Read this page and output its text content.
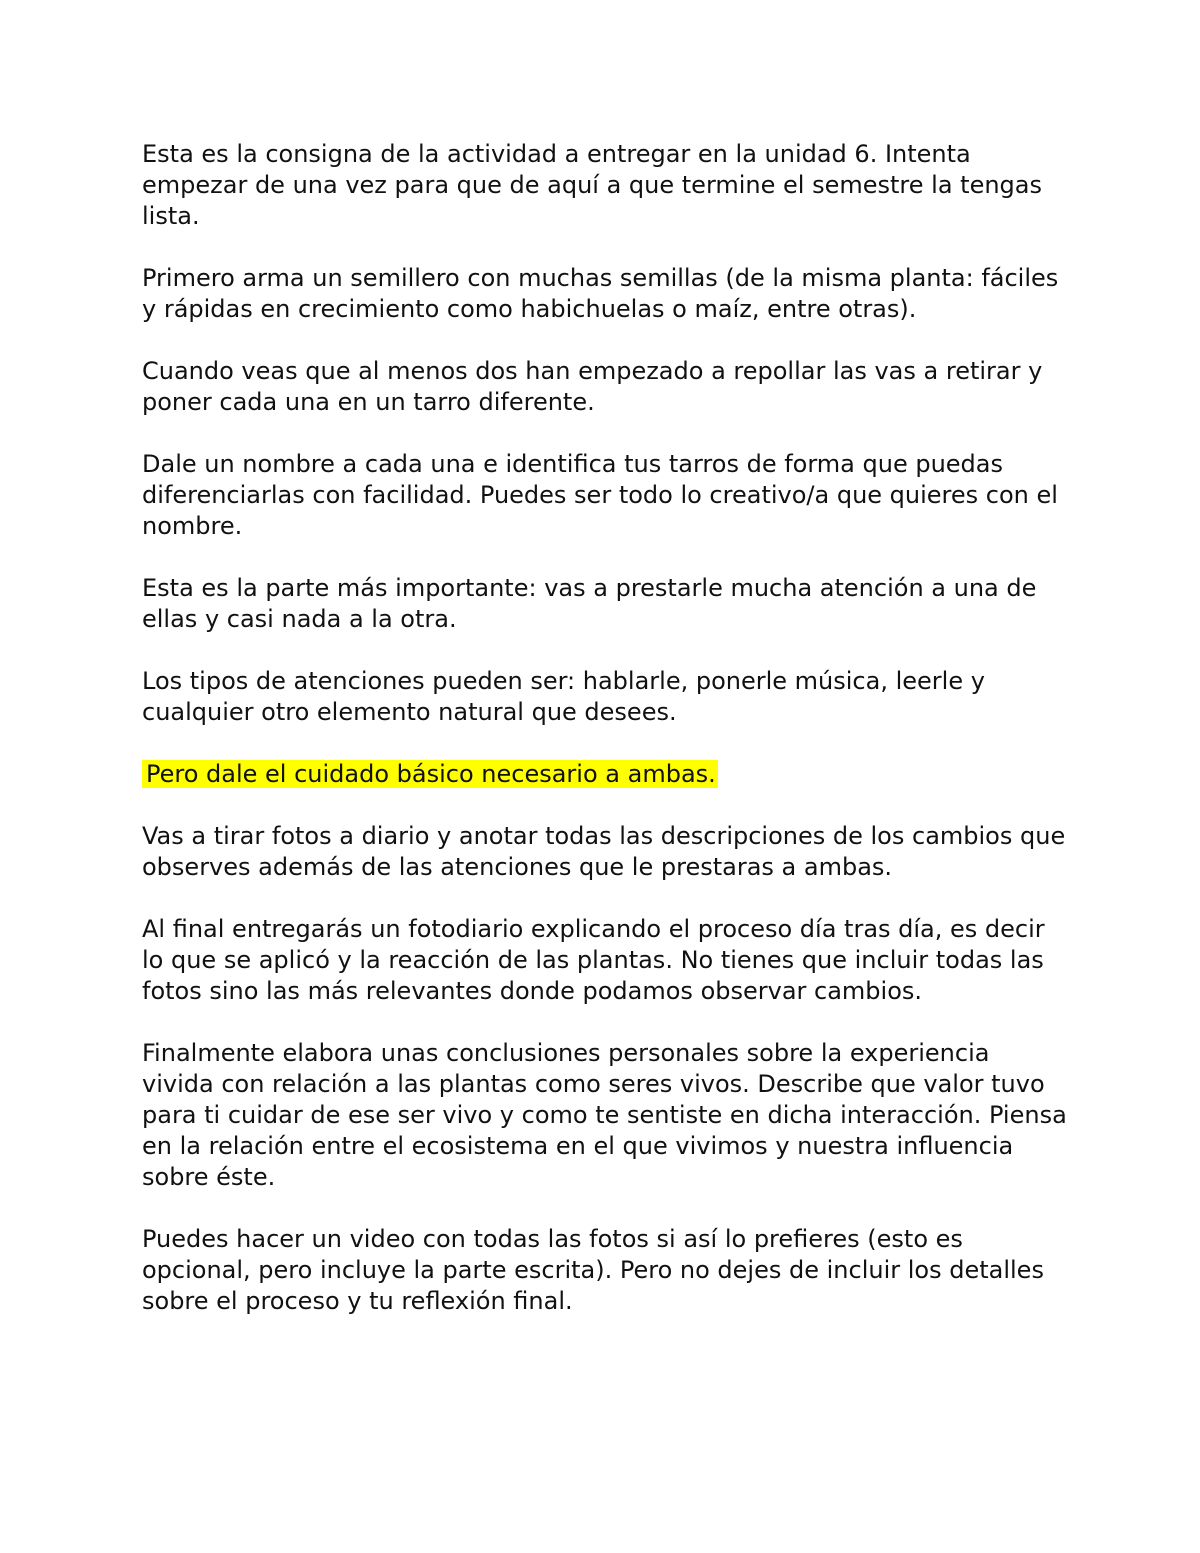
Esta es la consigna de la actividad a entregar en la unidad 6. Intenta empezar de una vez para que de aquí a que termine el semestre la tengas lista.

Primero arma un semillero con muchas semillas (de la misma planta: fáciles y rápidas en crecimiento como habichuelas o maíz, entre otras).

Cuando veas que al menos dos han empezado a repollar las vas a retirar y poner cada una en un tarro diferente.

Dale un nombre a cada una e identifica tus tarros de forma que puedas diferenciarlas con facilidad. Puedes ser todo lo creativo/a que quieres con el nombre.

Esta es la parte más importante: vas a prestarle mucha atención a una de ellas y casi nada a la otra.

Los tipos de atenciones pueden ser: hablarle, ponerle música, leerle y cualquier otro elemento natural que desees.

Pero dale el cuidado básico necesario a ambas.

Vas a tirar fotos a diario y anotar todas las descripciones de los cambios que observes además de las atenciones que le prestaras a ambas.

Al final entregarás un fotodiario explicando el proceso día tras día, es decir lo que se aplicó y la reacción de las plantas. No tienes que incluir todas las fotos sino las más relevantes donde podamos observar cambios.

Finalmente elabora unas conclusiones personales sobre la experiencia vivida con relación a las plantas como seres vivos. Describe que valor tuvo para ti cuidar de ese ser vivo y como te sentiste en dicha interacción. Piensa en la relación entre el ecosistema en el que vivimos y nuestra influencia sobre éste.

Puedes hacer un video con todas las fotos si así lo prefieres (esto es opcional, pero incluye la parte escrita). Pero no dejes de incluir los detalles sobre el proceso y tu reflexión final.
